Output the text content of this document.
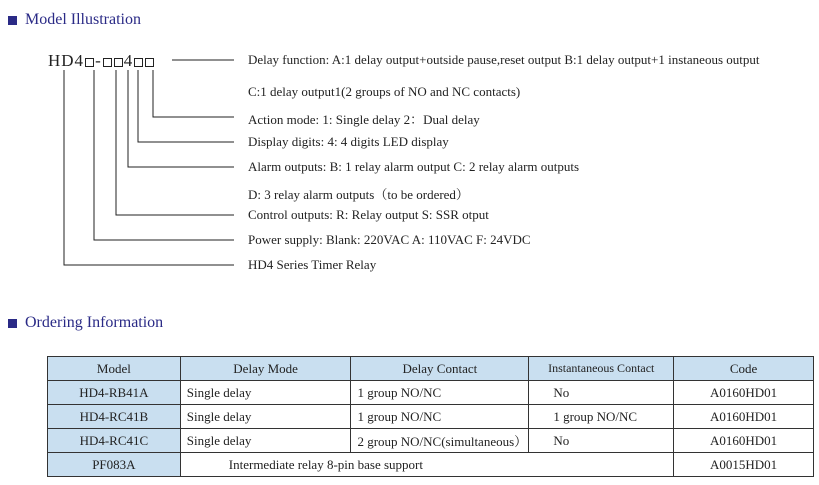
Model Illustration
HD4 - 4	Delay function: A:1 delay output+outside pause,reset output B:1 delay output+1 instaneous output
C:1 delay output1(2 groups of NO and NC contacts)
Action mode: 1: Single delay 2：Dual delay
Display digits: 4: 4 digits LED display
Alarm outputs: B: 1 relay alarm output C: 2 relay alarm outputs
D: 3 relay alarm outputs（to be ordered）
Control outputs: R: Relay output S: SSR otput
Power supply: Blank: 220VAC A: 110VAC F: 24VDC
HD4 Series Timer Relay
Ordering Information
Model	Delay Mode	Delay Contact	Instantaneous Contact	Code
HD4-RB41A	Single delay	1 group NO/NC	No	A0160HD01
HD4-RC41B	Single delay	1 group NO/NC	1 group NO/NC	A0160HD01
HD4-RC41C	Single delay	2 group NO/NC(simultaneous）	No	A0160HD01
PF083A	Intermediate relay 8-pin base support			A0015HD01
